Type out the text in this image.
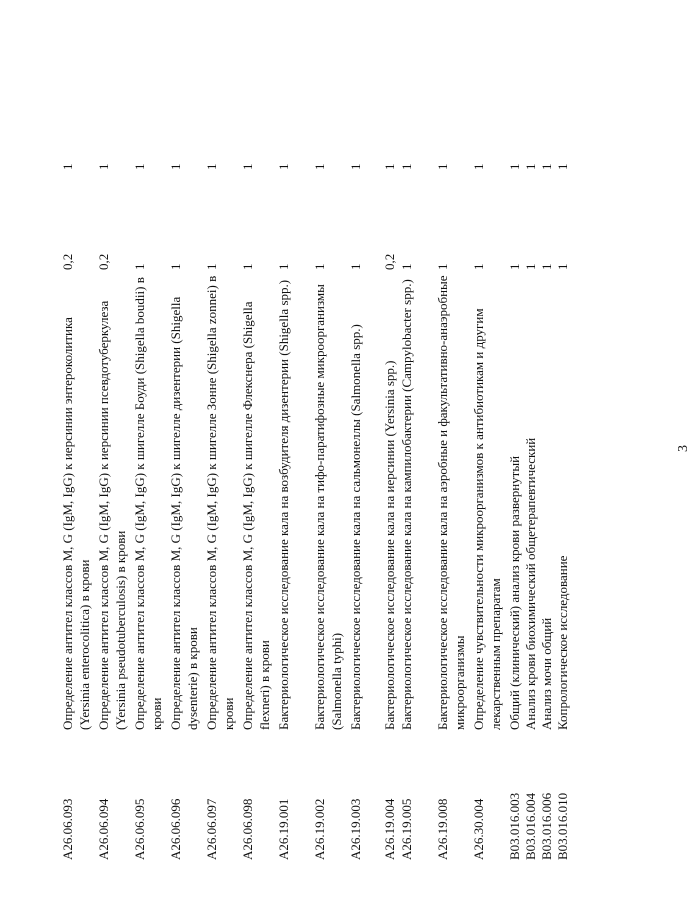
3
A26.06.093
Определение антител классов M, G (IgM, IgG) к иерсинии энтероколитика (Yersinia enterocolitica) в крови
0,2
1
A26.06.094
Определение антител классов M, G (IgM, IgG) к иерсинии псевдотуберкулеза (Yersinia pseudotuberculosis) в крови
0,2
1
A26.06.095
Определение антител классов M, G (IgM, IgG) к шигелле Боуди (Shigella boudii) в крови
1
1
A26.06.096
Определение антител классов M, G (IgM, IgG) к шигелле дизентерии (Shigella dysenterie) в крови
1
1
A26.06.097
Определение антител классов M, G (IgM, IgG) к шигелле Зонне (Shigella zonnei) в крови
1
1
A26.06.098
Определение антител классов M, G (IgM, IgG) к шигелле Флекснера (Shigella flexneri) в крови
1
1
A26.19.001
Бактериологическое исследование кала на возбудителя дизентерии (Shigella spp.)
1
1
A26.19.002
Бактериологическое исследование кала на тифо-паратифозные микроорганизмы (Salmonella typhi)
1
1
A26.19.003
Бактериологическое исследование кала на сальмонеллы (Salmonella spp.)
1
1
A26.19.004
Бактериологическое исследование кала на иерсинии (Yersinia spp.)
0,2
1
A26.19.005
Бактериологическое исследование кала на кампилобактерии (Campylobacter spp.)
1
1
A26.19.008
Бактериологическое исследование кала на аэробные и факультативно-анаэробные микроорганизмы
1
1
A26.30.004
Определение чувствительности микроорганизмов к антибиотикам и другим лекарственным препаратам
1
1
B03.016.003
Общий (клинический) анализ крови развернутый
1
1
B03.016.004
Анализ крови биохимический общетерапевтический
1
1
B03.016.006
Анализ мочи общий
1
1
B03.016.010
Копрологическое исследование
1
1
